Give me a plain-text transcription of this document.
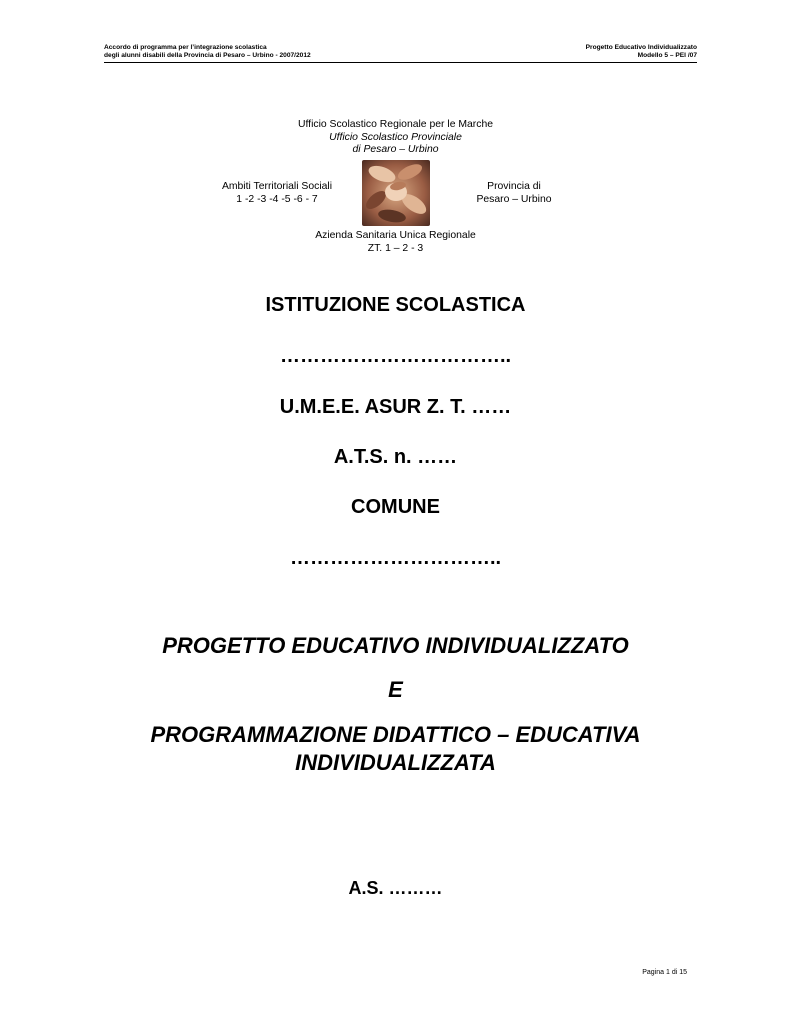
Accordo di programma per l’integrazione scolastica
degli alunni disabili della Provincia di Pesaro – Urbino - 2007/2012
Progetto Educativo Individualizzato
Modello 5 – PEI /07
Ufficio Scolastico Regionale per le Marche
Ufficio Scolastico Provinciale
di Pesaro – Urbino
Ambiti Territoriali Sociali
1 -2 -3 -4 -5 -6 - 7
Provincia di
Pesaro – Urbino
Azienda Sanitaria Unica Regionale
ZT. 1 – 2 - 3
ISTITUZIONE SCOLASTICA
……………………………..
U.M.E.E. ASUR Z. T. ……
A.T.S. n. ……
COMUNE
…………………………..
PROGETTO EDUCATIVO INDIVIDUALIZZATO
E
PROGRAMMAZIONE DIDATTICO – EDUCATIVA
INDIVIDUALIZZATA
A.S. ………
Pagina 1 di 15
